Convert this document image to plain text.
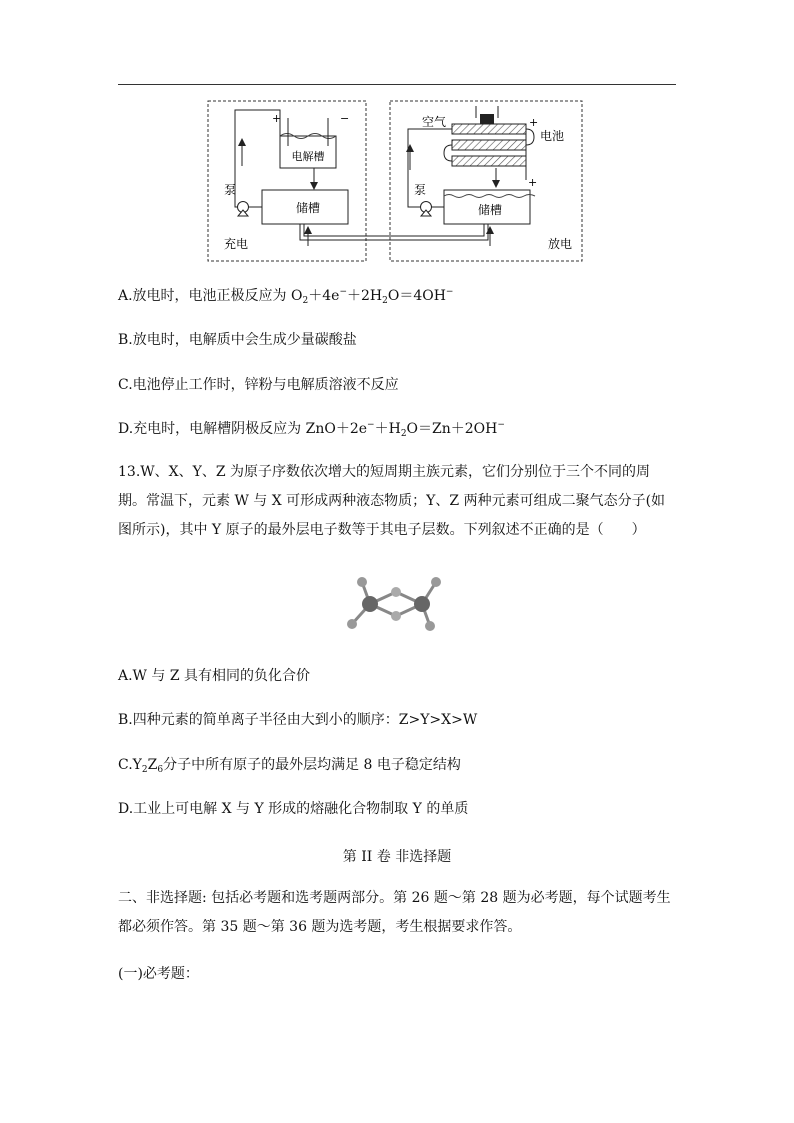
电解槽
+	−
储槽
泵
充电
+
+
空气
电池
储槽
泵
放电
A.放电时，电池正极反应为 $O_2+4e^-+2H_2O=4OH^-$
B.放电时，电解质中会生成少量碳酸盐
C.电池停止工作时，锌粉与电解质溶液不反应
D.充电时，电解槽阴极反应为 $ZnO+2e^-+H_2O=Zn+2OH^-$
13.W、X、Y、Z 为原子序数依次增大的短周期主族元素，它们分别位于三个不同的周期。常温下，元素 W 与 X 可形成两种液态物质；Y、Z 两种元素可组成二聚气态分子(如图所示)，其中 Y 原子的最外层电子数等于其电子层数。下列叙述不正确的是（　　）
A.W 与 Z 具有相同的负化合价
B.四种元素的简单离子半径由大到小的顺序：Z>Y>X>W
$C.Y_2Z_6$分子中所有原子的最外层均满足 8 电子稳定结构
D.工业上可电解 X 与 Y 形成的熔融化合物制取 Y 的单质
第 II 卷 非选择题
二、非选择题: 包括必考题和选考题两部分。第 26 题～第 28 题为必考题，每个试题考生都必须作答。第 35 题～第 36 题为选考题，考生根据要求作答。
(一)必考题：
